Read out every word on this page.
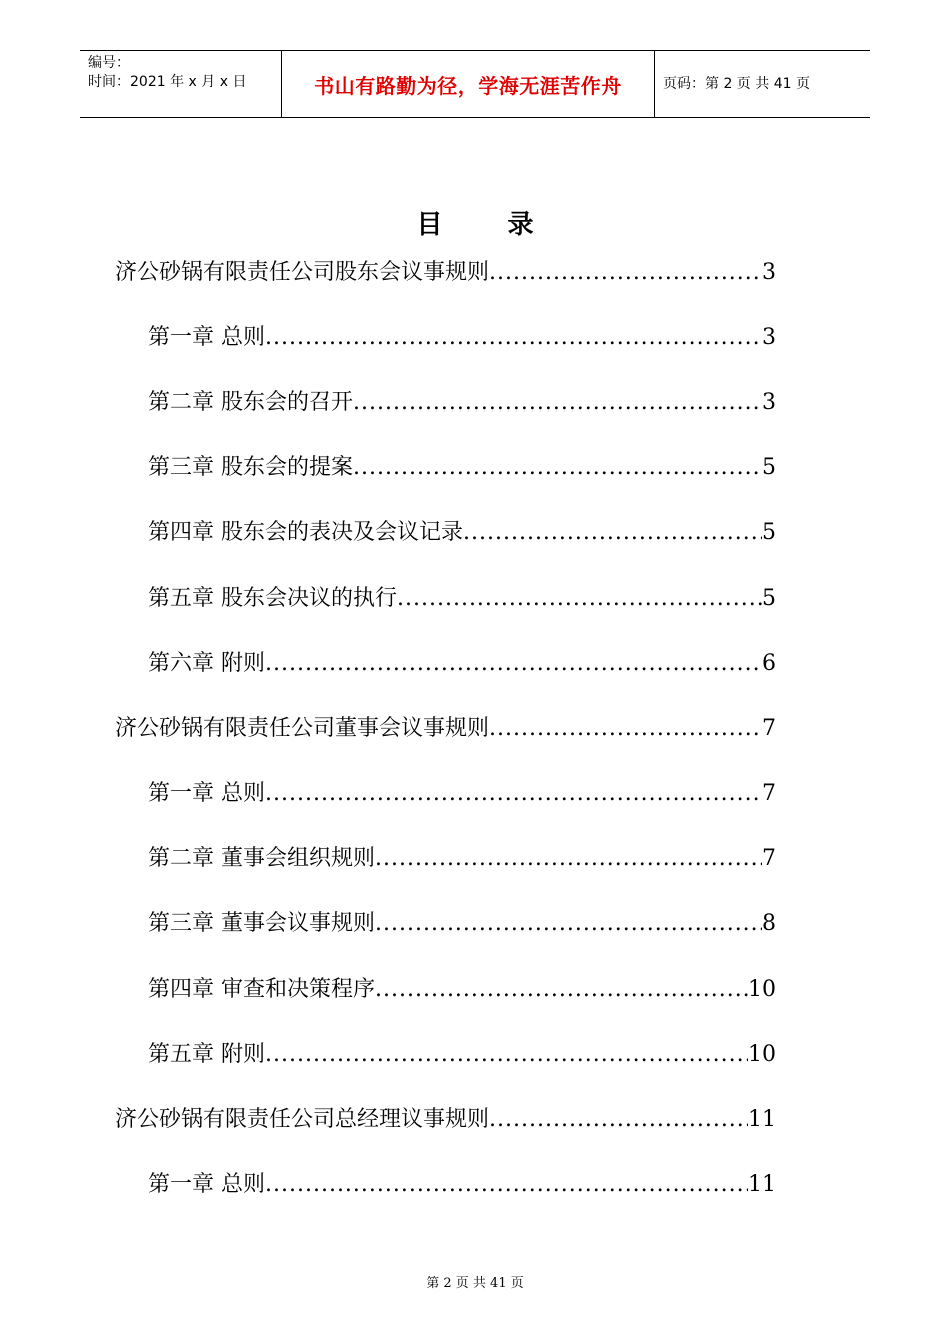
编号：
时间：2021 年 x 月 x 日	书山有路勤为径，学海无涯苦作舟	页码：第 2 页 共 41 页
目 录
济公砂锅有限责任公司股东会议事规则 .....	3
第一章 总则 .....	3
第二章 股东会的召开 .....	3
第三章 股东会的提案 .....	5
第四章 股东会的表决及会议记录 .....	5
第五章 股东会决议的执行 .....	5
第六章 附则 .....	6
济公砂锅有限责任公司董事会议事规则 .....	7
第一章 总则 .....	7
第二章 董事会组织规则 .....	7
第三章 董事会议事规则 .....	8
第四章 审查和决策程序 .....	10
第五章 附则 .....	10
济公砂锅有限责任公司总经理议事规则 .....	11
第一章 总则 .....	11
第 2 页 共 41 页
